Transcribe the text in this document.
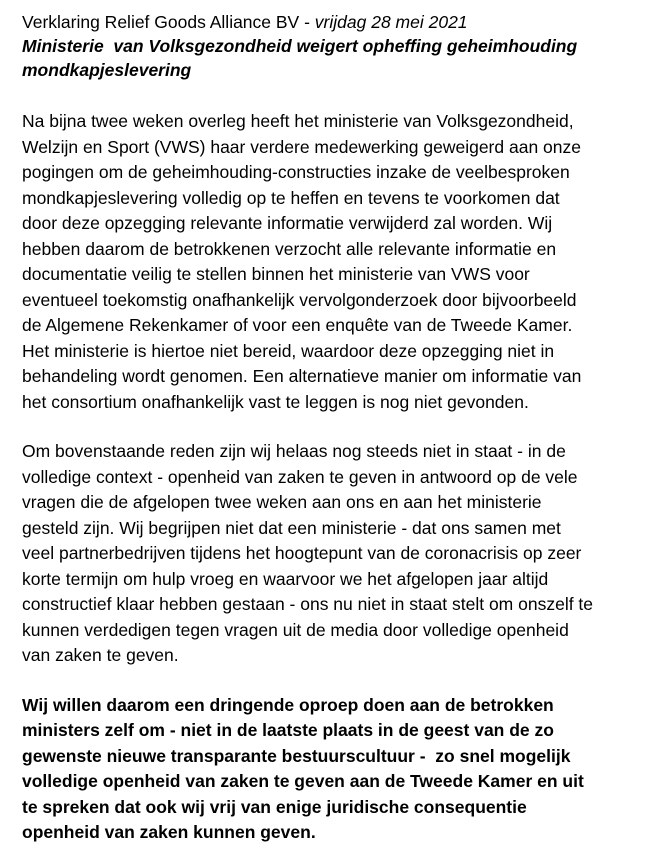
Verklaring Relief Goods Alliance BV - vrijdag 28 mei 2021

Ministerie  van Volksgezondheid weigert opheffing geheimhouding
mondkapjeslevering

Na bijna twee weken overleg heeft het ministerie van Volksgezondheid,
Welzijn en Sport (VWS) haar verdere medewerking geweigerd aan onze
pogingen om de geheimhouding-constructies inzake de veelbesproken
mondkapjeslevering volledig op te heffen en tevens te voorkomen dat
door deze opzegging relevante informatie verwijderd zal worden. Wij
hebben daarom de betrokkenen verzocht alle relevante informatie en
documentatie veilig te stellen binnen het ministerie van VWS voor
eventueel toekomstig onafhankelijk vervolgonderzoek door bijvoorbeeld
de Algemene Rekenkamer of voor een enquête van de Tweede Kamer.
Het ministerie is hiertoe niet bereid, waardoor deze opzegging niet in
behandeling wordt genomen. Een alternatieve manier om informatie van
het consortium onafhankelijk vast te leggen is nog niet gevonden.

Om bovenstaande reden zijn wij helaas nog steeds niet in staat - in de
volledige context - openheid van zaken te geven in antwoord op de vele
vragen die de afgelopen twee weken aan ons en aan het ministerie
gesteld zijn. Wij begrijpen niet dat een ministerie - dat ons samen met
veel partnerbedrijven tijdens het hoogtepunt van de coronacrisis op zeer
korte termijn om hulp vroeg en waarvoor we het afgelopen jaar altijd
constructief klaar hebben gestaan - ons nu niet in staat stelt om onszelf te
kunnen verdedigen tegen vragen uit de media door volledige openheid
van zaken te geven.

Wij willen daarom een dringende oproep doen aan de betrokken
ministers zelf om - niet in de laatste plaats in de geest van de zo
gewenste nieuwe transparante bestuurscultuur -  zo snel mogelijk
volledige openheid van zaken te geven aan de Tweede Kamer en uit
te spreken dat ook wij vrij van enige juridische consequentie
openheid van zaken kunnen geven.
